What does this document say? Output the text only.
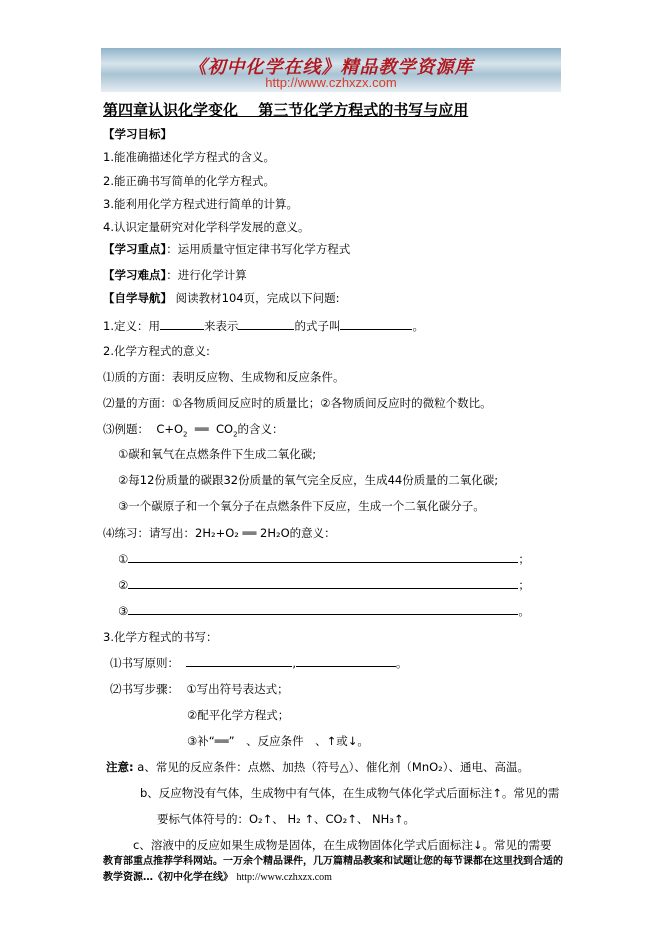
《初中化学在线》精品教学资源库
http://www.czhxzx.com
第四章认识化学变化　 第三节化学方程式的书写与应用
【学习目标】
1.能准确描述化学方程式的含义。
2.能正确书写简单的化学方程式。
3.能利用化学方程式进行简单的计算。
4.认识定量研究对化学科学发展的意义。
【学习重点】：运用质量守恒定律书写化学方程式
【学习难点】：进行化学计算
【自学导航】 阅读教材104页，完成以下问题:
1.定义：用	来表示	的式子叫	。
2.化学方程式的意义:
⑴质的方面：表明反应物、生成物和反应条件。
⑵量的方面：①各物质间反应时的质量比；②各物质间反应时的微粒个数比。
⑶例题： $C+O_2$ ══ $CO_2$的含义：
①碳和氧气在点燃条件下生成二氧化碳;
②每12份质量的碳跟32份质量的氧气完全反应，生成44份质量的二氧化碳;
③一个碳原子和一个氧分子在点燃条件下反应，生成一个二氧化碳分子。
⑷练习：请写出：2H₂+O₂ ══ 2H₂O的意义：
①	；
②	；
③	。
3.化学方程式的书写：
⑴书写原则：	,	。
⑵书写步骤： ①写出符号表达式；
②配平化学方程式；
③补“══”　、反应条件　、↑或↓。
注意: a、常见的反应条件：点燃、加热（符号△）、催化剂（MnO₂）、通电、高温。
b、反应物没有气体，生成物中有气体，在生成物气体化学式后面标注↑。常见的需
要标气体符号的：O₂↑、 H₂ ↑、CO₂↑、 NH₃↑。
c、溶液中的反应如果生成物是固体，在生成物固体化学式后面标注↓。常见的需要
教育部重点推荐学科网站。一万余个精品课件，几万篇精品教案和试题让您的每节课都在这里找到合适的
教学资源…《初中化学在线》 http://www.czhxzx.com
